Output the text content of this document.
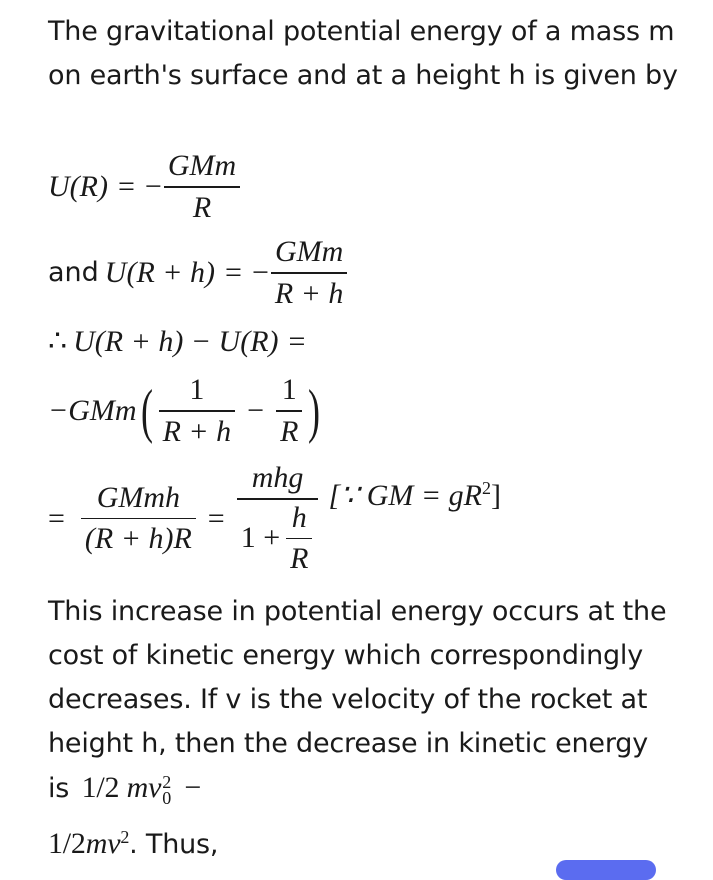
The gravitational potential energy of a mass m on earth's surface and at a height h is given by

U(R) = − $\frac{\text{GMm}}{R}$
and U(R + h) = − $\frac{\text{GMm}}{R + h}$
∴ U(R + h) − U(R) =
−GMm ( $\frac{1}{R + h} - \frac{1}{R}$ )
= $\frac{\text{GMmh}}{(R + h)R} = \frac{\text{mhg}}{1 + \frac{h}{R}}$ [∵ GM = $gR^2$]

This increase in potential energy occurs at the cost of kinetic energy which correspondingly decreases. If v is the velocity of the rocket at height h, then the decrease in kinetic energy is 1/2 mv 2
0 −

$1/2mv^2$. Thus,
